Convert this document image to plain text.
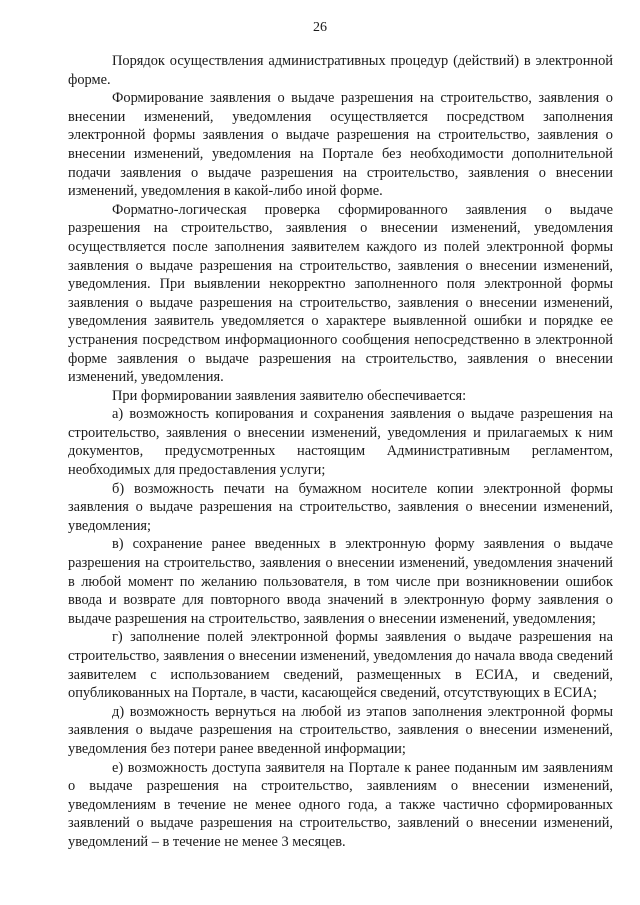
26

Порядок осуществления административных процедур (действий) в электронной форме.

Формирование заявления о выдаче разрешения на строительство, заявления о внесении изменений, уведомления осуществляется посредством заполнения электронной формы заявления о выдаче разрешения на строительство, заявления о внесении изменений, уведомления на Портале без необходимости дополнительной подачи заявления о выдаче разрешения на строительство, заявления о внесении изменений, уведомления в какой-либо иной форме.

Форматно-логическая проверка сформированного заявления о выдаче разрешения на строительство, заявления о внесении изменений, уведомления осуществляется после заполнения заявителем каждого из полей электронной формы заявления о выдаче разрешения на строительство, заявления о внесении изменений, уведомления. При выявлении некорректно заполненного поля электронной формы заявления о выдаче разрешения на строительство, заявления о внесении изменений, уведомления заявитель уведомляется о характере выявленной ошибки и порядке ее устранения посредством информационного сообщения непосредственно в электронной форме заявления о выдаче разрешения на строительство, заявления о внесении изменений, уведомления.

При формировании заявления заявителю обеспечивается:

а) возможность копирования и сохранения заявления о выдаче разрешения на строительство, заявления о внесении изменений, уведомления и прилагаемых к ним документов, предусмотренных настоящим Административным регламентом, необходимых для предоставления услуги;

б) возможность печати на бумажном носителе копии электронной формы заявления о выдаче разрешения на строительство, заявления о внесении изменений, уведомления;

в) сохранение ранее введенных в электронную форму заявления о выдаче разрешения на строительство, заявления о внесении изменений, уведомления значений в любой момент по желанию пользователя, в том числе при возникновении ошибок ввода и возврате для повторного ввода значений в электронную форму заявления о выдаче разрешения на строительство, заявления о внесении изменений, уведомления;

г) заполнение полей электронной формы заявления о выдаче разрешения на строительство, заявления о внесении изменений, уведомления до начала ввода сведений заявителем с использованием сведений, размещенных в ЕСИА, и сведений, опубликованных на Портале, в части, касающейся сведений, отсутствующих в ЕСИА;

д) возможность вернуться на любой из этапов заполнения электронной формы заявления о выдаче разрешения на строительство, заявления о внесении изменений, уведомления без потери ранее введенной информации;

е) возможность доступа заявителя на Портале к ранее поданным им заявлениям о выдаче разрешения на строительство, заявлениям о внесении изменений, уведомлениям в течение не менее одного года, а также частично сформированных заявлений о выдаче разрешения на строительство, заявлений о внесении изменений, уведомлений – в течение не менее 3 месяцев.
